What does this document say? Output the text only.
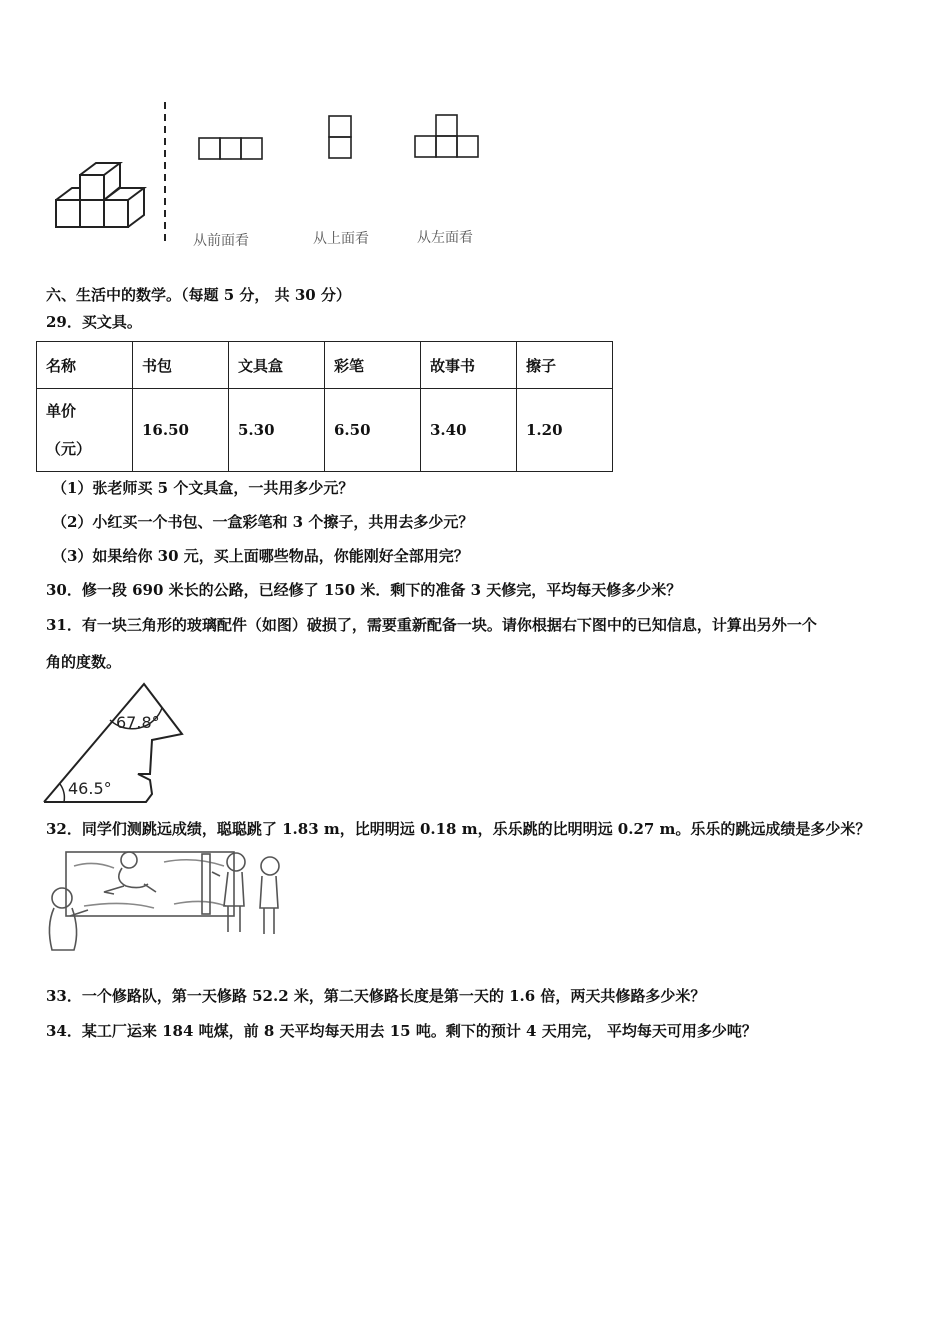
从前面看	从上面看	从左面看
六、生活中的数学。（每题 5 分， 共 30 分）
29．买文具。
名称	书包	文具盒	彩笔	故事书	擦子

单价
（元）	16.50	5.30	6.50	3.40	1.20
（1）张老师买 5 个文具盒，一共用多少元？
（2）小红买一个书包、一盒彩笔和 3 个擦子，共用去多少元？
（3）如果给你 30 元，买上面哪些物品，你能刚好全部用完？
30．修一段 690 米长的公路，已经修了 150 米．剩下的准备 3 天修完，平均每天修多少米？
31．有一块三角形的玻璃配件（如图）破损了，需要重新配备一块。请你根据右下图中的已知信息，计算出另外一个
角的度数。
67.8°
46.5°
32．同学们测跳远成绩，聪聪跳了 1.83 m，比明明远 0.18 m，乐乐跳的比明明远 0.27 m。乐乐的跳远成绩是多少米？
33．一个修路队，第一天修路 52.2 米，第二天修路长度是第一天的 1.6 倍，两天共修路多少米？
34．某工厂运来 184 吨煤，前 8 天平均每天用去 15 吨。剩下的预计 4 天用完， 平均每天可用多少吨？
